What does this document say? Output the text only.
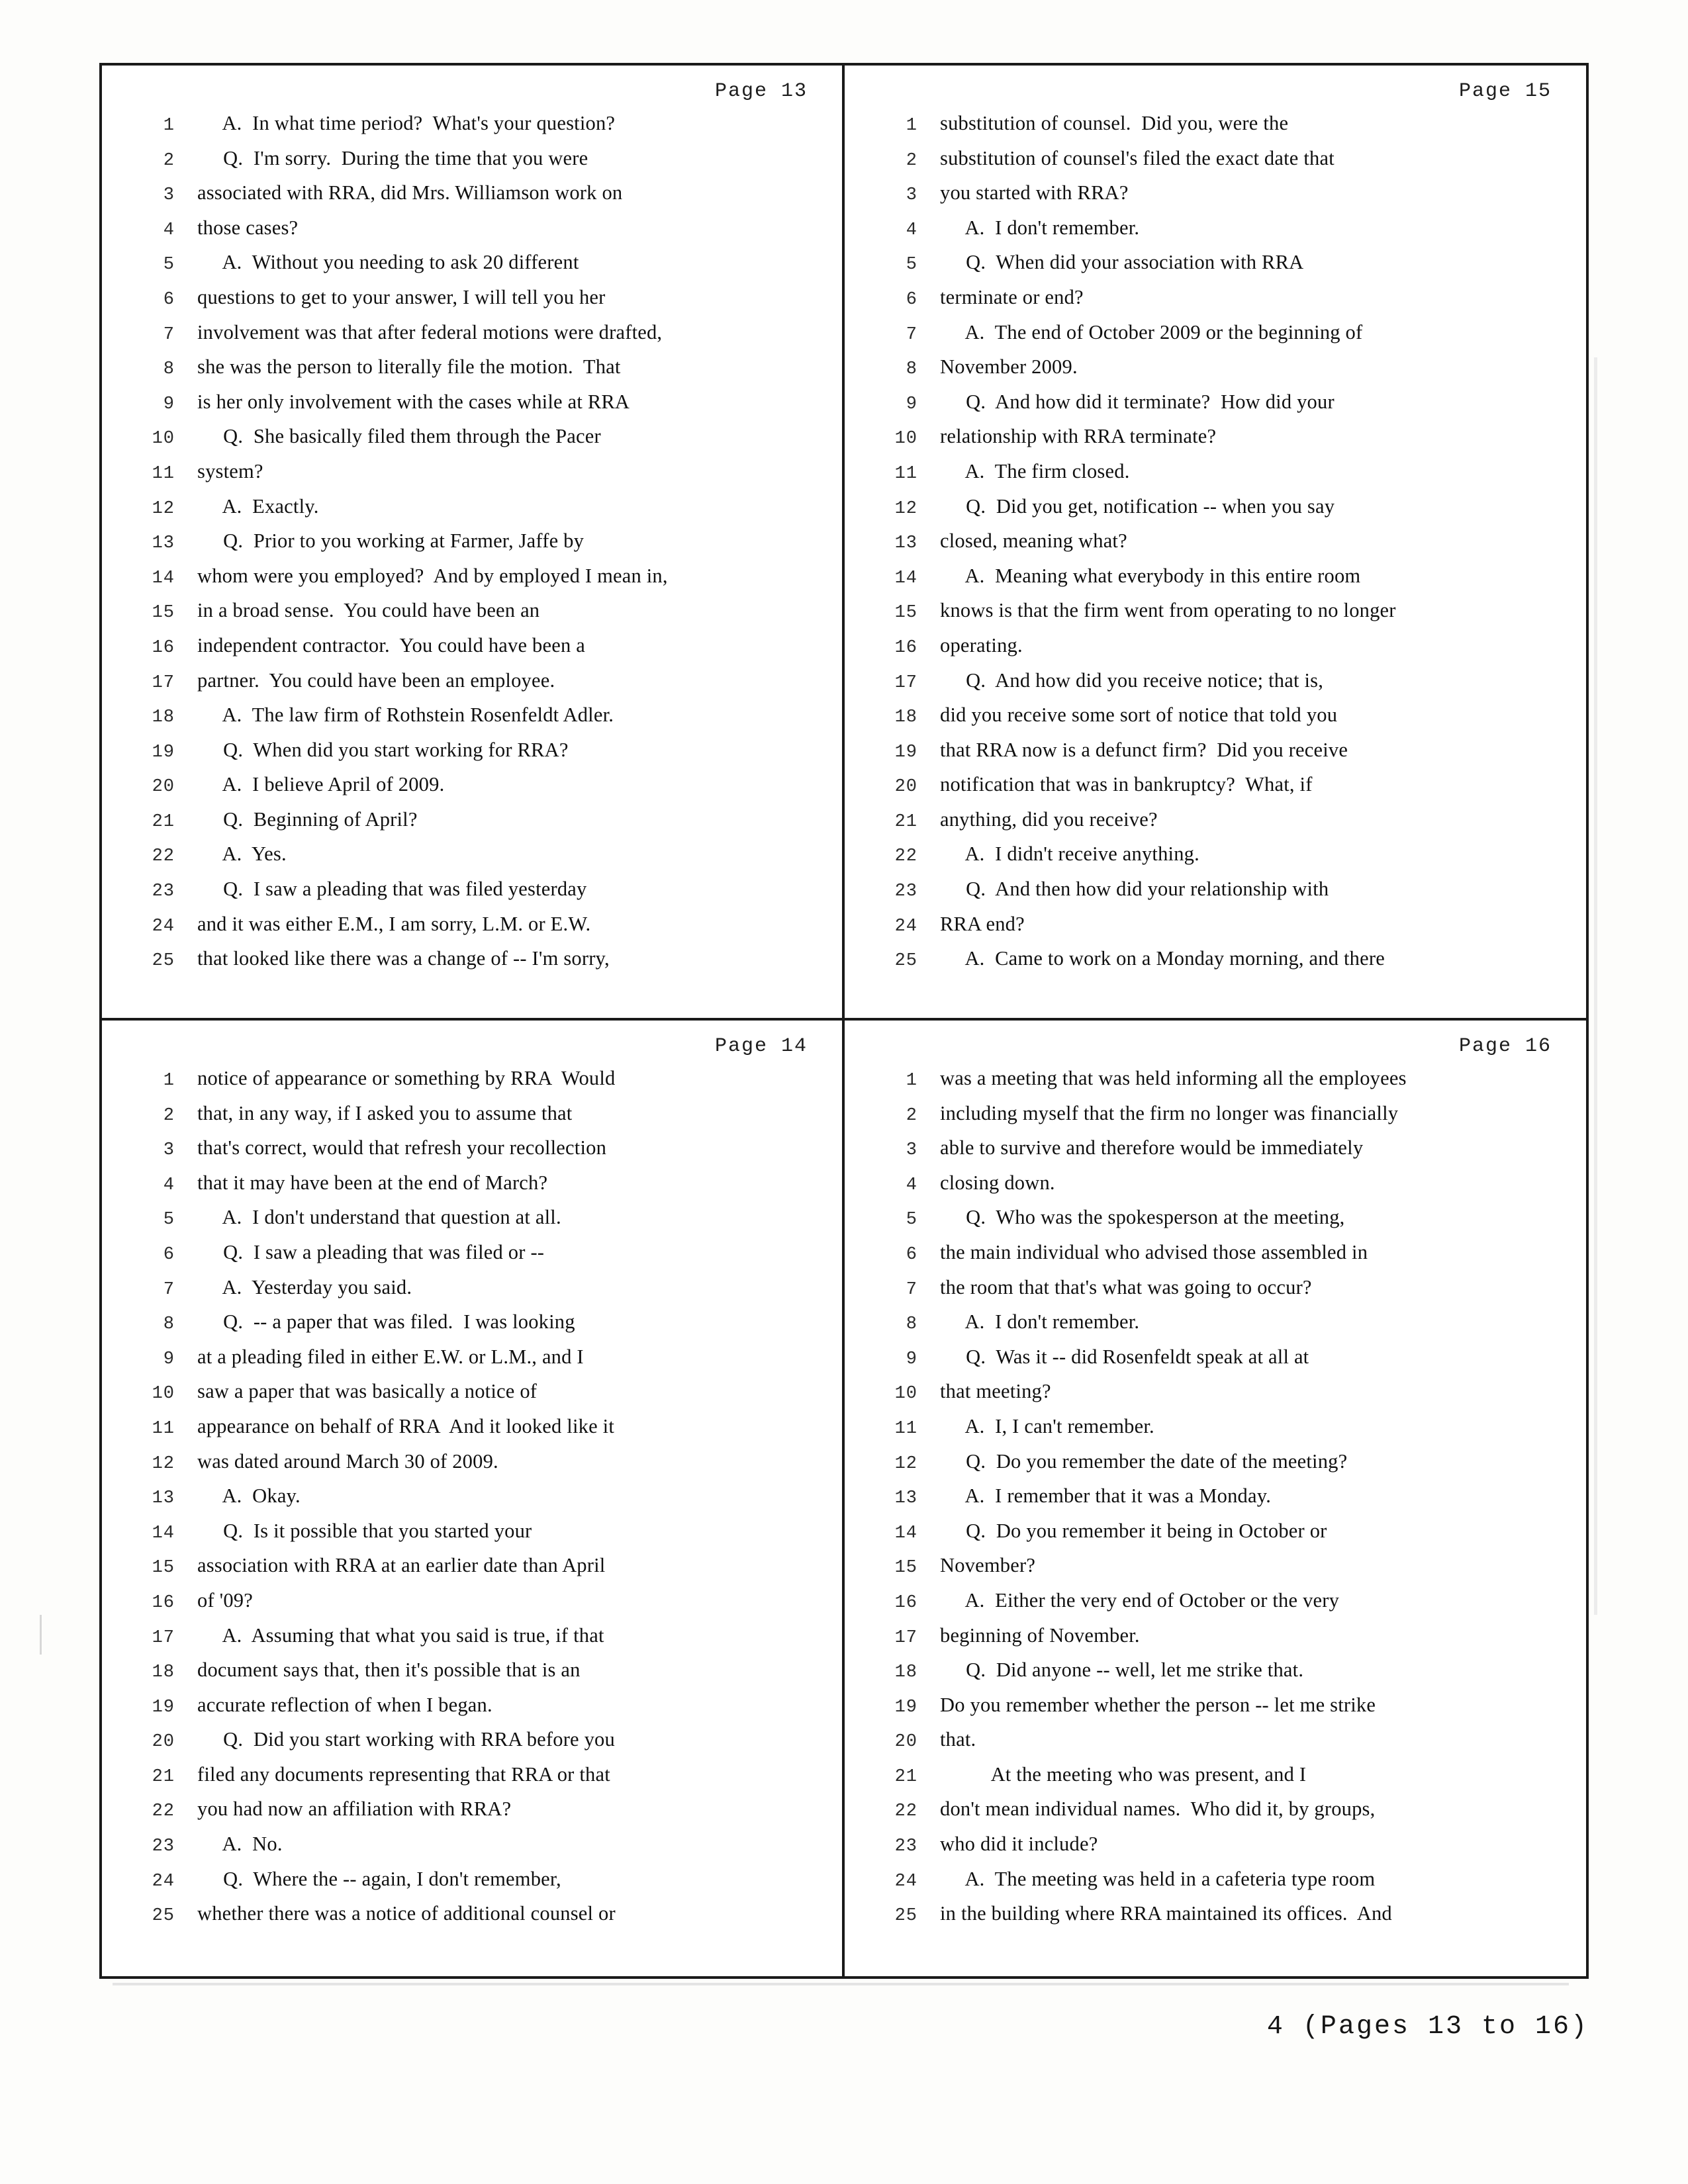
Page 13
1	A.  In what time period?  What's your question?
2	Q.  I'm sorry.  During the time that you were
3	associated with RRA, did Mrs. Williamson work on
4	those cases?
5	A.  Without you needing to ask 20 different
6	questions to get to your answer, I will tell you her
7	involvement was that after federal motions were drafted,
8	she was the person to literally file the motion.  That
9	is her only involvement with the cases while at RRA
10	Q.  She basically filed them through the Pacer
11	system?
12	A.  Exactly.
13	Q.  Prior to you working at Farmer, Jaffe by
14	whom were you employed?  And by employed I mean in,
15	in a broad sense.  You could have been an
16	independent contractor.  You could have been a
17	partner.  You could have been an employee.
18	A.  The law firm of Rothstein Rosenfeldt Adler.
19	Q.  When did you start working for RRA?
20	A.  I believe April of 2009.
21	Q.  Beginning of April?
22	A.  Yes.
23	Q.  I saw a pleading that was filed yesterday
24	and it was either E.M., I am sorry, L.M. or E.W.
25	that looked like there was a change of -- I'm sorry,
Page 15
1	substitution of counsel.  Did you, were the
2	substitution of counsel's filed the exact date that
3	you started with RRA?
4	A.  I don't remember.
5	Q.  When did your association with RRA
6	terminate or end?
7	A.  The end of October 2009 or the beginning of
8	November 2009.
9	Q.  And how did it terminate?  How did your
10	relationship with RRA terminate?
11	A.  The firm closed.
12	Q.  Did you get, notification -- when you say
13	closed, meaning what?
14	A.  Meaning what everybody in this entire room
15	knows is that the firm went from operating to no longer
16	operating.
17	Q.  And how did you receive notice; that is,
18	did you receive some sort of notice that told you
19	that RRA now is a defunct firm?  Did you receive
20	notification that was in bankruptcy?  What, if
21	anything, did you receive?
22	A.  I didn't receive anything.
23	Q.  And then how did your relationship with
24	RRA end?
25	A.  Came to work on a Monday morning, and there
Page 14
1	notice of appearance or something by RRA  Would
2	that, in any way, if I asked you to assume that
3	that's correct, would that refresh your recollection
4	that it may have been at the end of March?
5	A.  I don't understand that question at all.
6	Q.  I saw a pleading that was filed or --
7	A.  Yesterday you said.
8	Q.  -- a paper that was filed.  I was looking
9	at a pleading filed in either E.W. or L.M., and I
10	saw a paper that was basically a notice of
11	appearance on behalf of RRA  And it looked like it
12	was dated around March 30 of 2009.
13	A.  Okay.
14	Q.  Is it possible that you started your
15	association with RRA at an earlier date than April
16	of '09?
17	A.  Assuming that what you said is true, if that
18	document says that, then it's possible that is an
19	accurate reflection of when I began.
20	Q.  Did you start working with RRA before you
21	filed any documents representing that RRA or that
22	you had now an affiliation with RRA?
23	A.  No.
24	Q.  Where the -- again, I don't remember,
25	whether there was a notice of additional counsel or
Page 16
1	was a meeting that was held informing all the employees
2	including myself that the firm no longer was financially
3	able to survive and therefore would be immediately
4	closing down.
5	Q.  Who was the spokesperson at the meeting,
6	the main individual who advised those assembled in
7	the room that that's what was going to occur?
8	A.  I don't remember.
9	Q.  Was it -- did Rosenfeldt speak at all at
10	that meeting?
11	A.  I, I can't remember.
12	Q.  Do you remember the date of the meeting?
13	A.  I remember that it was a Monday.
14	Q.  Do you remember it being in October or
15	November?
16	A.  Either the very end of October or the very
17	beginning of November.
18	Q.  Did anyone -- well, let me strike that.
19	Do you remember whether the person -- let me strike
20	that.
21	At the meeting who was present, and I
22	don't mean individual names.  Who did it, by groups,
23	who did it include?
24	A.  The meeting was held in a cafeteria type room
25	in the building where RRA maintained its offices.  And
4 (Pages 13 to 16)
